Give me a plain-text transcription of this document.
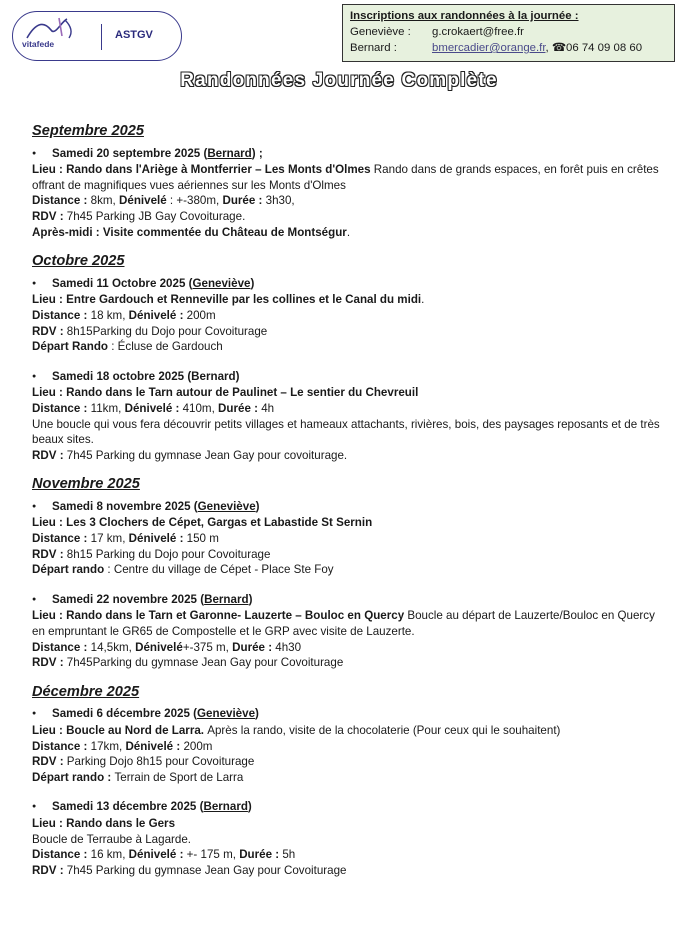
vitafede
ASTGV
Inscriptions aux randonnées à la journée :
Geneviève : g.crokaert@free.fr
Bernard :	bmercadier@orange.fr, ☎06 74 09 08 60
Randonnées Journée Complète
Septembre 2025
● Samedi 20 septembre 2025 (Bernard) ;
Lieu : Rando dans l'Ariège à Montferrier – Les Monts d'Olmes Rando dans de grands espaces, en forêt puis en crêtes offrant de magnifiques vues aériennes sur les Monts d'Olmes
Distance : 8km, Dénivelé : +-380m, Durée : 3h30,
RDV : 7h45 Parking JB Gay Covoiturage.
Après-midi : Visite commentée du Château de Montségur.
Octobre 2025
● Samedi 11 Octobre 2025 (Geneviève)
Lieu : Entre Gardouch et Renneville par les collines et le Canal du midi.
Distance : 18 km, Dénivelé : 200m
RDV : 8h15Parking du Dojo pour Covoiturage
Départ Rando : Écluse de Gardouch
● Samedi 18 octobre 2025 (Bernard)
Lieu : Rando dans le Tarn autour de Paulinet – Le sentier du Chevreuil
Distance : 11km, Dénivelé : 410m, Durée : 4h
Une boucle qui vous fera découvrir petits villages et hameaux attachants, rivières, bois, des paysages reposants et de très beaux sites.
RDV : 7h45 Parking du gymnase Jean Gay pour covoiturage.
Novembre 2025
● Samedi 8 novembre 2025 (Geneviève)
Lieu : Les 3 Clochers de Cépet, Gargas et Labastide St Sernin
Distance : 17 km, Dénivelé : 150 m
RDV : 8h15 Parking du Dojo pour Covoiturage
Départ rando : Centre du village de Cépet - Place Ste Foy
● Samedi 22 novembre 2025 (Bernard)
Lieu : Rando dans le Tarn et Garonne- Lauzerte – Bouloc en Quercy Boucle au départ de Lauzerte/Bouloc en Quercy en empruntant le GR65 de Compostelle et le GRP avec visite de Lauzerte.
Distance : 14,5km, Dénivelé+-375 m, Durée : 4h30
RDV : 7h45Parking du gymnase Jean Gay pour Covoiturage
Décembre 2025
● Samedi 6 décembre 2025 (Geneviève)
Lieu : Boucle au Nord de Larra. Après la rando, visite de la chocolaterie (Pour ceux qui le souhaitent)
Distance : 17km, Dénivelé : 200m
RDV : Parking Dojo 8h15 pour Covoiturage
Départ rando : Terrain de Sport de Larra
● Samedi 13 décembre 2025 (Bernard)
Lieu : Rando dans le Gers
Boucle de Terraube à Lagarde.
Distance : 16 km, Dénivelé : +- 175 m, Durée : 5h
RDV : 7h45 Parking du gymnase Jean Gay pour Covoiturage
